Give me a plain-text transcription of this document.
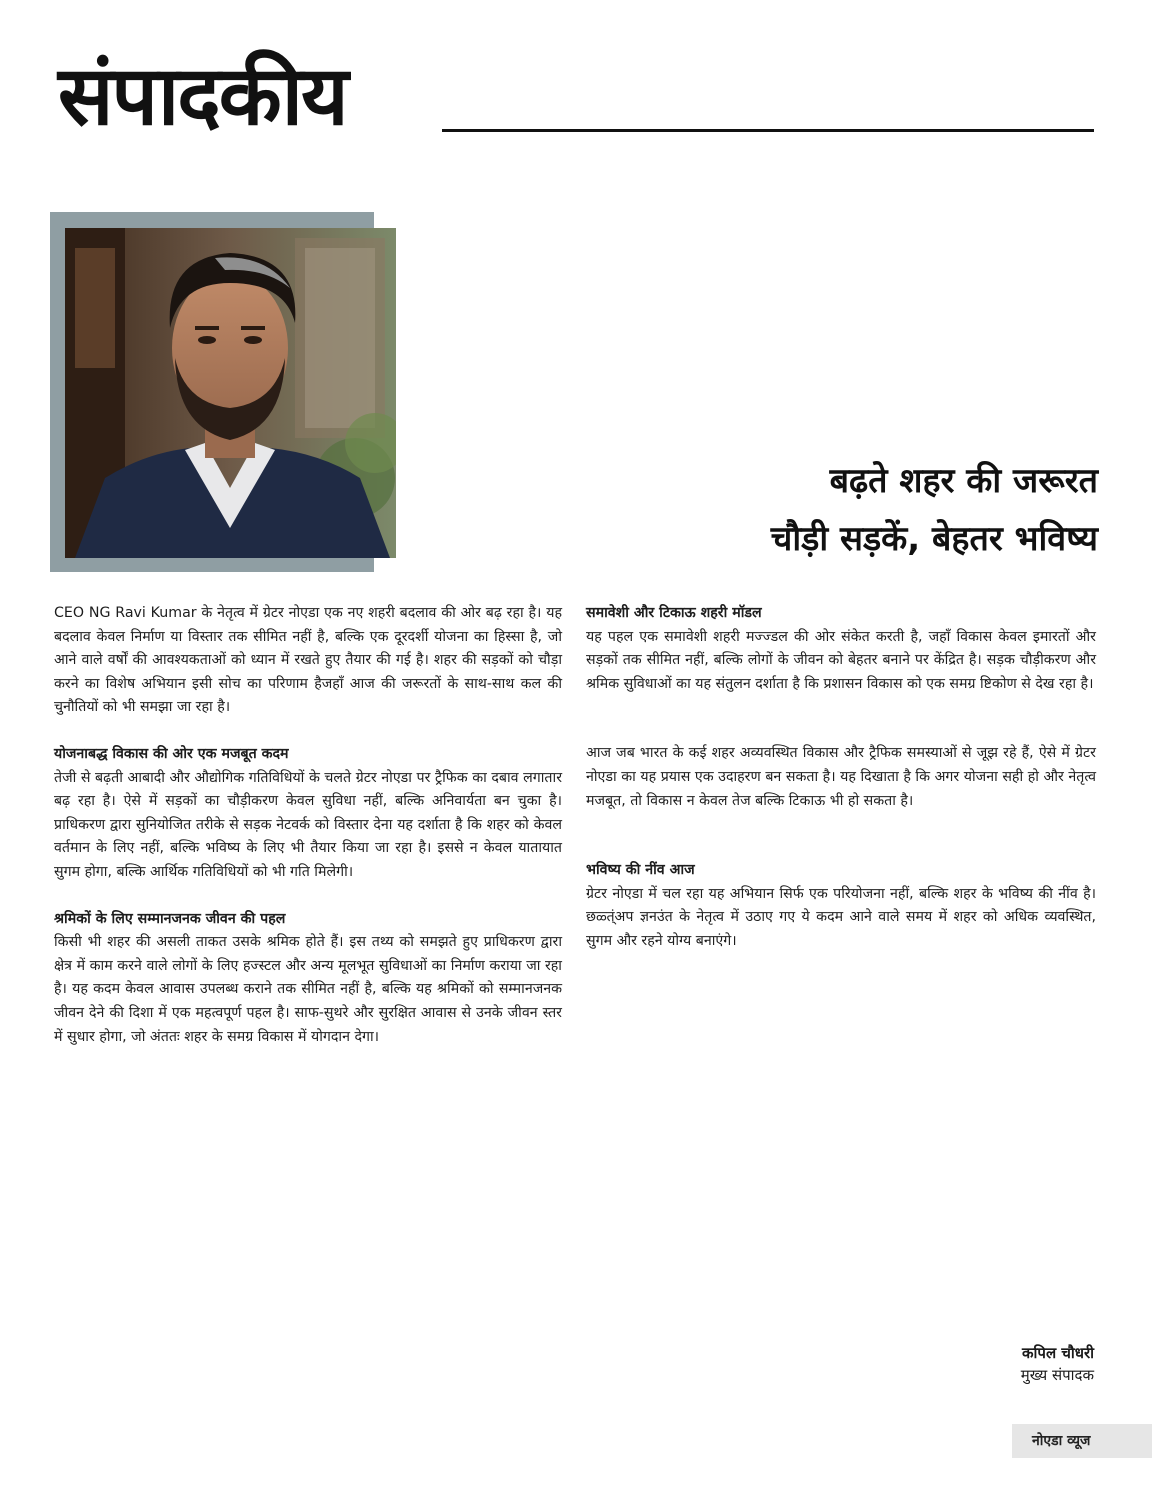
संपादकीय
बढ़ते शहर की जरूरत
चौड़ी सड़कें, बेहतर भविष्य

CEO NG Ravi Kumar के नेतृत्व में ग्रेटर नोएडा एक नए शहरी बदलाव की ओर बढ़ रहा है। यह बदलाव केवल निर्माण या विस्तार तक सीमित नहीं है, बल्कि एक दूरदर्शी योजना का हिस्सा है, जो आने वाले वर्षों की आवश्यकताओं को ध्यान में रखते हुए तैयार की गई है। शहर की सड़कों को चौड़ा करने का विशेष अभियान इसी सोच का परिणाम हैजहाँ आज की जरूरतों के साथ-साथ कल की चुनौतियों को भी समझा जा रहा है।

योजनाबद्ध विकास की ओर एक मजबूत कदम

तेजी से बढ़ती आबादी और औद्योगिक गतिविधियों के चलते ग्रेटर नोएडा पर ट्रैफिक का दबाव लगातार बढ़ रहा है। ऐसे में सड़कों का चौड़ीकरण केवल सुविधा नहीं, बल्कि अनिवार्यता बन चुका है। प्राधिकरण द्वारा सुनियोजित तरीके से सड़क नेटवर्क को विस्तार देना यह दर्शाता है कि शहर को केवल वर्तमान के लिए नहीं, बल्कि भविष्य के लिए भी तैयार किया जा रहा है। इससे न केवल यातायात सुगम होगा, बल्कि आर्थिक गतिविधियों को भी गति मिलेगी।

श्रमिकों के लिए सम्मानजनक जीवन की पहल

किसी भी शहर की असली ताकत उसके श्रमिक होते हैं। इस तथ्य को समझते हुए प्राधिकरण द्वारा क्षेत्र में काम करने वाले लोगों के लिए हज्स्टल और अन्य मूलभूत सुविधाओं का निर्माण कराया जा रहा है। यह कदम केवल आवास उपलब्ध कराने तक सीमित नहीं है, बल्कि यह श्रमिकों को सम्मानजनक जीवन देने की दिशा में एक महत्वपूर्ण पहल है। साफ-सुथरे और सुरक्षित आवास से उनके जीवन स्तर में सुधार होगा, जो अंततः शहर के समग्र विकास में योगदान देगा।

समावेशी और टिकाऊ शहरी मॉडल

यह पहल एक समावेशी शहरी मज्ज्डल की ओर संकेत करती है, जहाँ विकास केवल इमारतों और सड़कों तक सीमित नहीं, बल्कि लोगों के जीवन को बेहतर बनाने पर केंद्रित है। सड़क चौड़ीकरण और श्रमिक सुविधाओं का यह संतुलन दर्शाता है कि प्रशासन विकास को एक समग्र ष्टिकोण से देख रहा है।

आज जब भारत के कई शहर अव्यवस्थित विकास और ट्रैफिक समस्याओं से जूझ रहे हैं, ऐसे में ग्रेटर नोएडा का यह प्रयास एक उदाहरण बन सकता है। यह दिखाता है कि अगर योजना सही हो और नेतृत्व मजबूत, तो विकास न केवल तेज बल्कि टिकाऊ भी हो सकता है।

भविष्य की नींव आज

ग्रेटर नोएडा में चल रहा यह अभियान सिर्फ एक परियोजना नहीं, बल्कि शहर के भविष्य की नींव है। छळ्त्ंअप ज्ञनउंत के नेतृत्व में उठाए गए ये कदम आने वाले समय में शहर को अधिक व्यवस्थित, सुगम और रहने योग्य बनाएंगे।

कपिल चौधरी
मुख्य संपादक
नोएडा व्यूज
